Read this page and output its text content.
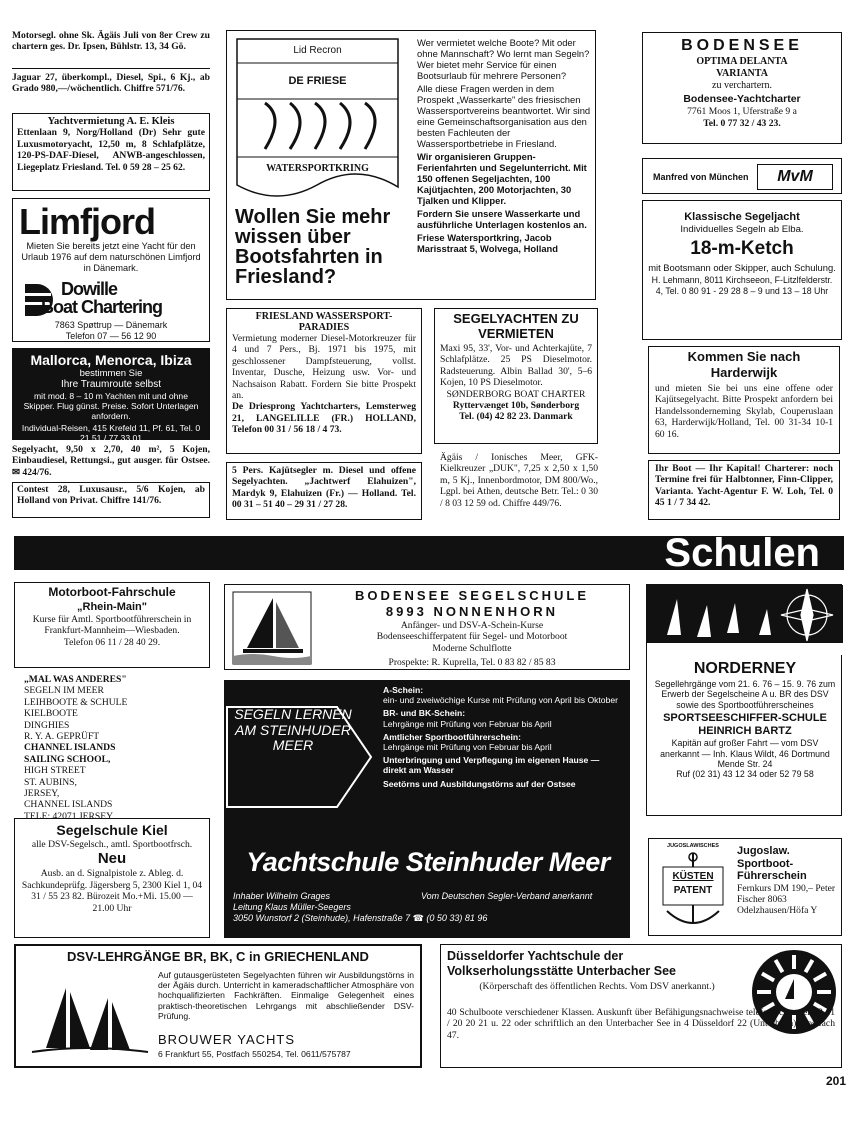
Motorsegl. ohne Sk. Ägäis Juli von 8er Crew zu chartern ges. Dr. Ipsen, Bühlstr. 13, 34 Gö.
Jaguar 27, überkompl., Diesel, Spi., 6 Kj., ab Grado 980,—/wöchentlich. Chiffre 571/76.
Yachtvermietung A. E. Kleis
Ettenlaan 9, Norg/Holland (Dr) Sehr gute Luxusmotoryacht, 12,50 m, 8 Schlafplätze, 120-PS-DAF-Diesel, ANWB-angeschlossen, Liegeplatz Friesland. Tel. 0 59 28 – 25 62.
Limfjord
Mieten Sie bereits jetzt eine Yacht für den Urlaub 1976 auf dem naturschönen Limfjord in Dänemark.
Dowille
Boat Chartering
7863 Spøttrup — Dänemark
Telefon 07 — 56 12 90
Mallorca, Menorca, Ibiza
bestimmen Sie
Ihre Traumroute selbst
mit mod. 8 – 10 m Yachten mit und ohne Skipper. Flug günst. Preise. Sofort Unterlagen anfordern.
Individual-Reisen, 415 Krefeld 11, Pf. 61, Tel. 0 21 51 / 77 33 01
Segelyacht, 9,50 x 2,70, 40 m², 5 Kojen, Einbaudiesel, Rettungsi., gut ausger. für Ostsee. ✉ 424/76.
Contest 28, Luxusausr., 5/6 Kojen, ab Holland von Privat. Chiffre 141/76.
Lid Recron
DE FRIESE
WATERSPORTKRING
Wollen Sie mehr wissen über Bootsfahrten in Friesland?
Wer vermietet welche Boote? Mit oder ohne Mannschaft? Wo lernt man Segeln? Wer bietet mehr Service für einen Bootsurlaub für mehrere Personen?
Alle diese Fragen werden in dem Prospekt „Wasserkarte" des friesischen Wassersportvereins beantwortet. Wir sind eine Gemeinschaftsorganisation aus den besten Fachleuten der Wassersportbetriebe in Friesland.
Wir organisieren Gruppen-Ferienfahrten und Segelunterricht. Mit 150 offenen Segeljachten, 100 Kajütjachten, 200 Motorjachten, 30 Tjalken und Klipper.
Fordern Sie unsere Wasserkarte und ausführliche Unterlagen kostenlos an.
Friese Watersportkring, Jacob Marisstraat 5, Wolvega, Holland
FRIESLAND WASSERSPORT-PARADIES
Vermietung moderner Diesel-Motorkreuzer für 4 und 7 Pers., Bj. 1971 bis 1975, mit geschlossener Dampfsteuerung, vollst. Inventar, Dusche, Heizung usw. Vor- und Nachsaison Rabatt. Fordern Sie bitte Prospekt an.
De Driesprong Yachtcharters, Lemsterweg 21, LANGELILLE (FR.) HOLLAND, Telefon 00 31 / 56 18 / 4 73.
SEGELYACHTEN ZU VERMIETEN
Maxi 95, 33', Vor- und Achterkajüte, 7 Schlafplätze. 25 PS Dieselmotor. Radsteuerung. Albin Ballad 30', 5–6 Kojen, 10 PS Dieselmotor.
SØNDERBORG BOAT CHARTER
Ryttervænget 10b, Sønderborg
Tel. (04) 42 82 23. Danmark
5 Pers. Kajütsegler m. Diesel und offene Segelyachten. „Jachtwerf Elahuizen", Mardyk 9, Elahuizen (Fr.) — Holland. Tel. 00 31 – 51 40 – 29 31 / 27 28.
Ägäis / Ionisches Meer, GFK-Kielkreuzer „DUK", 7,25 x 2,50 x 1,50 m, 5 Kj., Innenbordmotor, DM 800/Wo., Lgpl. bei Athen, deutsche Betr. Tel.: 0 30 / 8 03 12 59 od. Chiffre 449/76.
BODENSEE
OPTIMA DELANTA
VARIANTA
zu verchartern.
Bodensee-Yachtcharter
7761 Moos 1, Uferstraße 9 a
Tel. 0 77 32 / 43 23.
Manfred von München	MvM
Klassische Segeljacht
Individuelles Segeln ab Elba.
18-m-Ketch
mit Bootsmann oder Skipper, auch Schulung.
H. Lehmann, 8011 Kirchseeon, F-Litzlfelderstr. 4, Tel. 0 80 91 - 29 28 8 – 9 und 13 – 18 Uhr
Kommen Sie nach Harderwijk
und mieten Sie bei uns eine offene oder Kajütsegelyacht. Bitte Prospekt anfordern bei Handelssonderneming Skylab, Couperuslaan 63, Harderwijk/Holland, Tel. 00 31-34 10-1 60 16.
Ihr Boot — Ihr Kapital! Charterer: noch Termine frei für Halbtonner, Finn-Clipper, Varianta. Yacht-Agentur F. W. Loh, Tel. 0 45 1 / 7 34 42.
Schulen
Motorboot-Fahrschule
„Rhein-Main"
Kurse für Amtl. Sportbootführerschein in Frankfurt-Mannheim—Wiesbaden.
Telefon 06 11 / 28 40 29.
BODENSEE SEGELSCHULE
8993 NONNENHORN
Anfänger- und DSV-A-Schein-Kurse
Bodenseeschifferpatent für Segel- und Motorboot
Moderne Schulflotte
Prospekte: R. Kuprella, Tel. 0 83 82 / 85 83	NORDERNEY
Segellehrgänge vom 21. 6. 76 – 15. 9. 76 zum Erwerb der Segelscheine A u. BR des DSV sowie des Sportbootführerscheines
SPORTSEESCHIFFER-SCHULE
HEINRICH BARTZ
Kapitän auf großer Fahrt — vom DSV anerkannt — Inh. Klaus Wildt, 46 Dortmund Mende Str. 24
Ruf (02 31) 43 12 34 oder 52 79 58
„MAL WAS ANDERES"
SEGELN IM MEER
LEIHBOOTE & SCHULE
KIELBOOTE
DINGHIES
R. Y. A. GEPRÜFT
CHANNEL ISLANDS
SAILING SCHOOL,
HIGH STREET
ST. AUBINS,
JERSEY,
CHANNEL ISLANDS
TELE: 42071 JERSEY
Segelschule Kiel
alle DSV-Segelsch., amtl. Sportbootfrsch.
Neu
Ausb. an d. Signalpistole z. Ableg. d. Sachkundeprüfg. Jägersberg 5, 2300 Kiel 1, 04 31 / 55 23 82. Bürozeit Mo.+Mi. 15.00 — 21.00 Uhr
SEGELN LERNEN AM STEINHUDER MEER
A-Schein:
ein- und zweiwöchige Kurse mit Prüfung von April bis Oktober
BR- und BK-Schein:
Lehrgänge mit Prüfung von Februar bis April
Amtlicher Sportbootführerschein:
Lehrgänge mit Prüfung von Februar bis April
Unterbringung und Verpflegung im eigenen Hause — direkt am Wasser
Seetörns und Ausbildungstörns auf der Ostsee
Yachtschule Steinhuder Meer
Inhaber Wilhelm Grages
Leitung Klaus Müller-Seegers
3050 Wunstorf 2 (Steinhude), Hafenstraße 7 ☎ (0 50 33) 81 96
Vom Deutschen Segler-Verband anerkannt
JUGOSLAWISCHES
KÜSTEN
PATENT
Jugoslaw. Sportboot-Führerschein
Fernkurs DM 190,– Peter Fischer 8063 Odelzhausen/Höfa Y
DSV-LEHRGÄNGE BR, BK, C in GRIECHENLAND
Auf gutausgerüsteten Segelyachten führen wir Ausbildungstörns in der Ägäis durch. Unterricht in kameradschaftlicher Atmosphäre von hochqualifizierten Fachkräften. Einmalige Gelegenheit eines praktisch-theoretischen Lehrgangs mit abschließender DSV-Prüfung.
BROUWER YACHTS
6 Frankfurt 55, Postfach 550254, Tel. 0611/575787
Düsseldorfer Yachtschule der Volkserholungsstätte Unterbacher See
(Körperschaft des öffentlichen Rechts. Vom DSV anerkannt.)
40 Schulboote verschiedener Klassen. Auskunft über Befähigungsnachweise telefonisch unter 02 11 / 20 20 21 u. 22 oder schriftlich an den Unterbacher See in 4 Düsseldorf 22 (Unterbach), Postfach 47.
201
